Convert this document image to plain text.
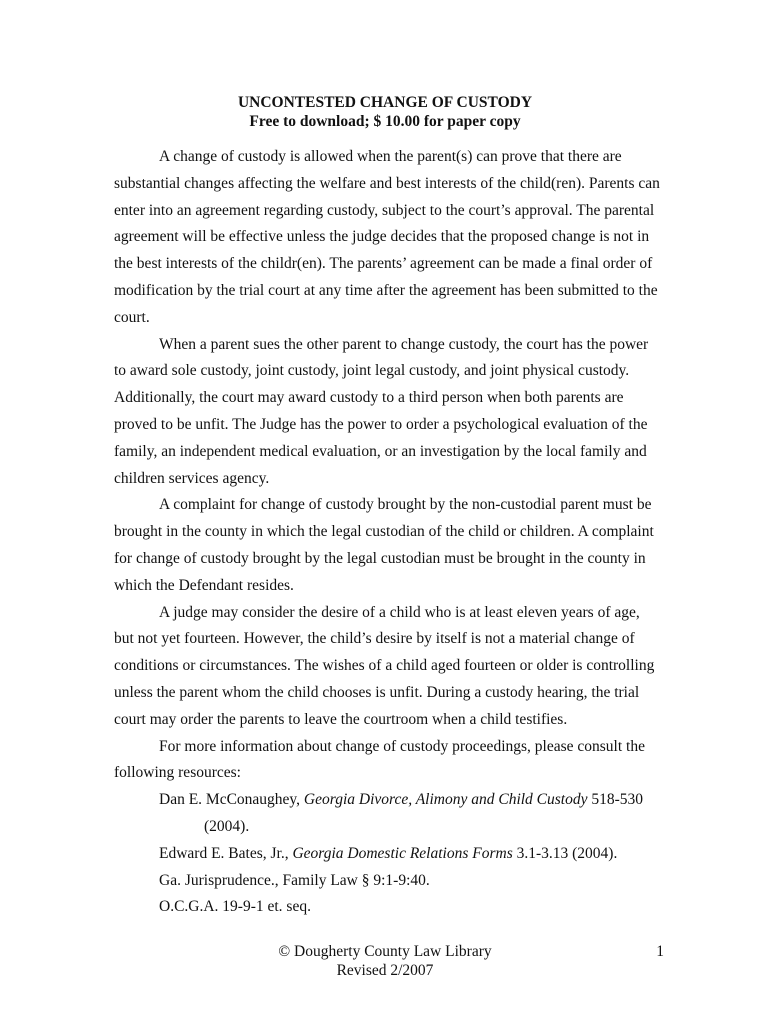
UNCONTESTED CHANGE OF CUSTODY
Free to download; $ 10.00 for paper copy

A change of custody is allowed when the parent(s) can prove that there are substantial changes affecting the welfare and best interests of the child(ren). Parents can enter into an agreement regarding custody, subject to the court’s approval. The parental agreement will be effective unless the judge decides that the proposed change is not in the best interests of the childr(en). The parents’ agreement can be made a final order of modification by the trial court at any time after the agreement has been submitted to the court.

When a parent sues the other parent to change custody, the court has the power to award sole custody, joint custody, joint legal custody, and joint physical custody. Additionally, the court may award custody to a third person when both parents are proved to be unfit. The Judge has the power to order a psychological evaluation of the family, an independent medical evaluation, or an investigation by the local family and children services agency.

A complaint for change of custody brought by the non-custodial parent must be brought in the county in which the legal custodian of the child or children. A complaint for change of custody brought by the legal custodian must be brought in the county in which the Defendant resides.

A judge may consider the desire of a child who is at least eleven years of age, but not yet fourteen. However, the child’s desire by itself is not a material change of conditions or circumstances. The wishes of a child aged fourteen or older is controlling unless the parent whom the child chooses is unfit. During a custody hearing, the trial court may order the parents to leave the courtroom when a child testifies.

For more information about change of custody proceedings, please consult the following resources:

Dan E. McConaughey, Georgia Divorce, Alimony and Child Custody 518-530 (2004).
Edward E. Bates, Jr., Georgia Domestic Relations Forms 3.1-3.13 (2004).
Ga. Jurisprudence., Family Law § 9:1-9:40.
O.C.G.A. 19-9-1 et. seq.
© Dougherty County Law Library
Revised 2/2007
1
